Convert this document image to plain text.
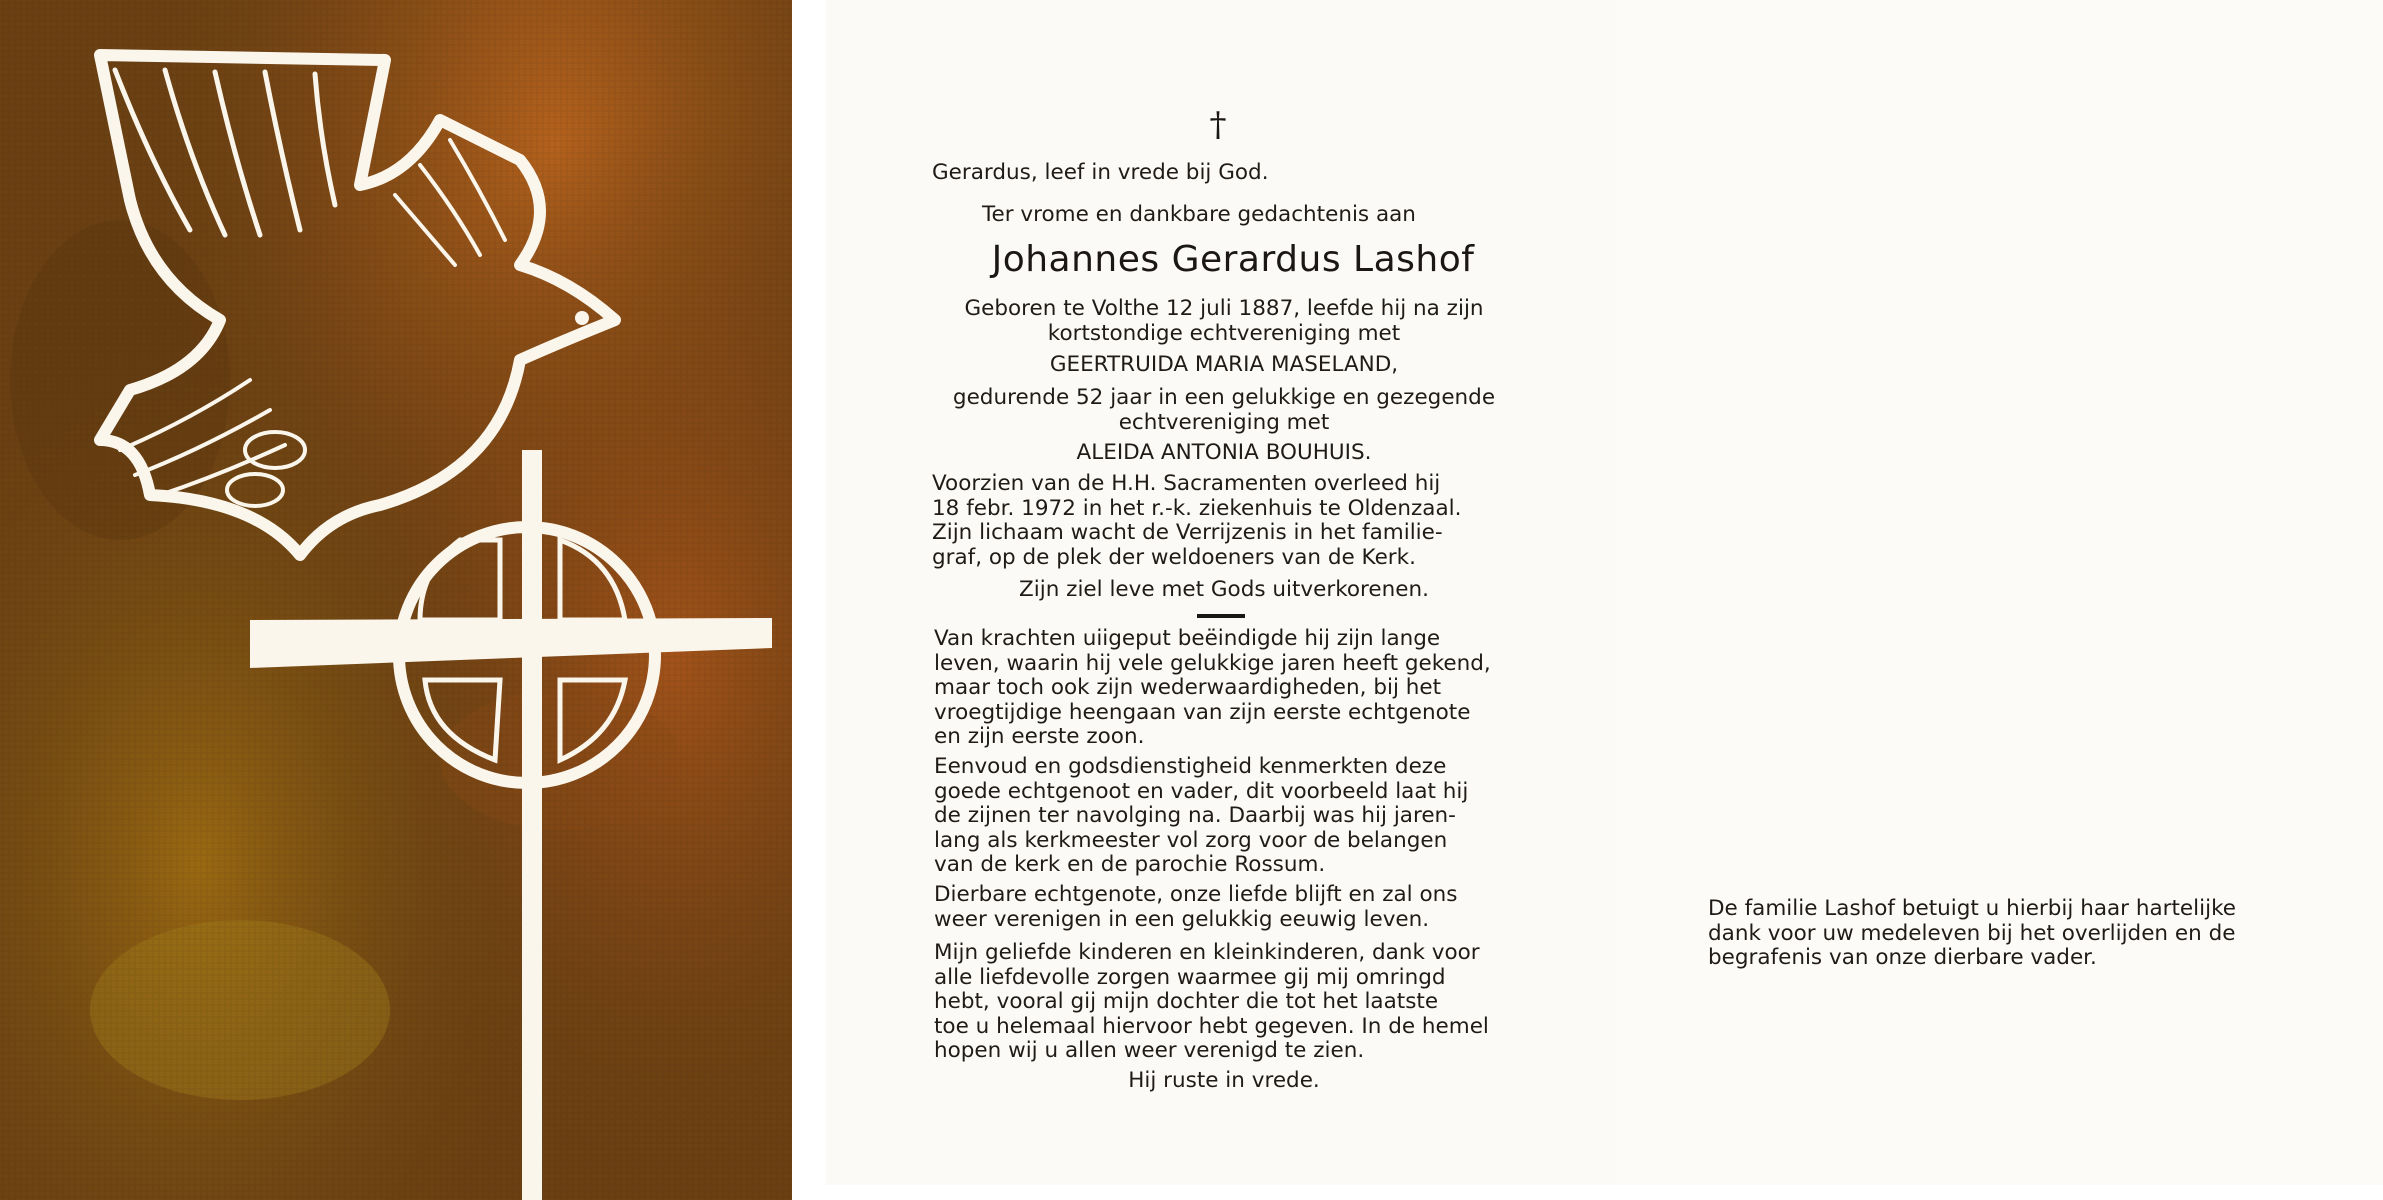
†

Gerardus, leef in vrede bij God.

Ter vrome en dankbare gedachtenis aan

Johannes Gerardus Lashof

Geboren te Volthe 12 juli 1887, leefde hij na zijn
kortstondige echtvereniging met

GEERTRUIDA MARIA MASELAND,

gedurende 52 jaar in een gelukkige en gezegende
echtvereniging met

ALEIDA ANTONIA BOUHUIS.

Voorzien van de H.H. Sacramenten overleed hij
18 febr. 1972 in het r.-k. ziekenhuis te Oldenzaal.
Zijn lichaam wacht de Verrijzenis in het familie-
graf, op de plek der weldoeners van de Kerk.

Zijn ziel leve met Gods uitverkorenen.

Van krachten uiigeput beëindigde hij zijn lange
leven, waarin hij vele gelukkige jaren heeft gekend,
maar toch ook zijn wederwaardigheden, bij het
vroegtijdige heengaan van zijn eerste echtgenote
en zijn eerste zoon.

Eenvoud en godsdienstigheid kenmerkten deze
goede echtgenoot en vader, dit voorbeeld laat hij
de zijnen ter navolging na. Daarbij was hij jaren-
lang als kerkmeester vol zorg voor de belangen
van de kerk en de parochie Rossum.

Dierbare echtgenote, onze liefde blijft en zal ons
weer verenigen in een gelukkig eeuwig leven.

Mijn geliefde kinderen en kleinkinderen, dank voor
alle liefdevolle zorgen waarmee gij mij omringd
hebt, vooral gij mijn dochter die tot het laatste
toe u helemaal hiervoor hebt gegeven. In de hemel
hopen wij u allen weer verenigd te zien.

Hij ruste in vrede.

De familie Lashof betuigt u hierbij haar hartelijke
dank voor uw medeleven bij het overlijden en de
begrafenis van onze dierbare vader.
